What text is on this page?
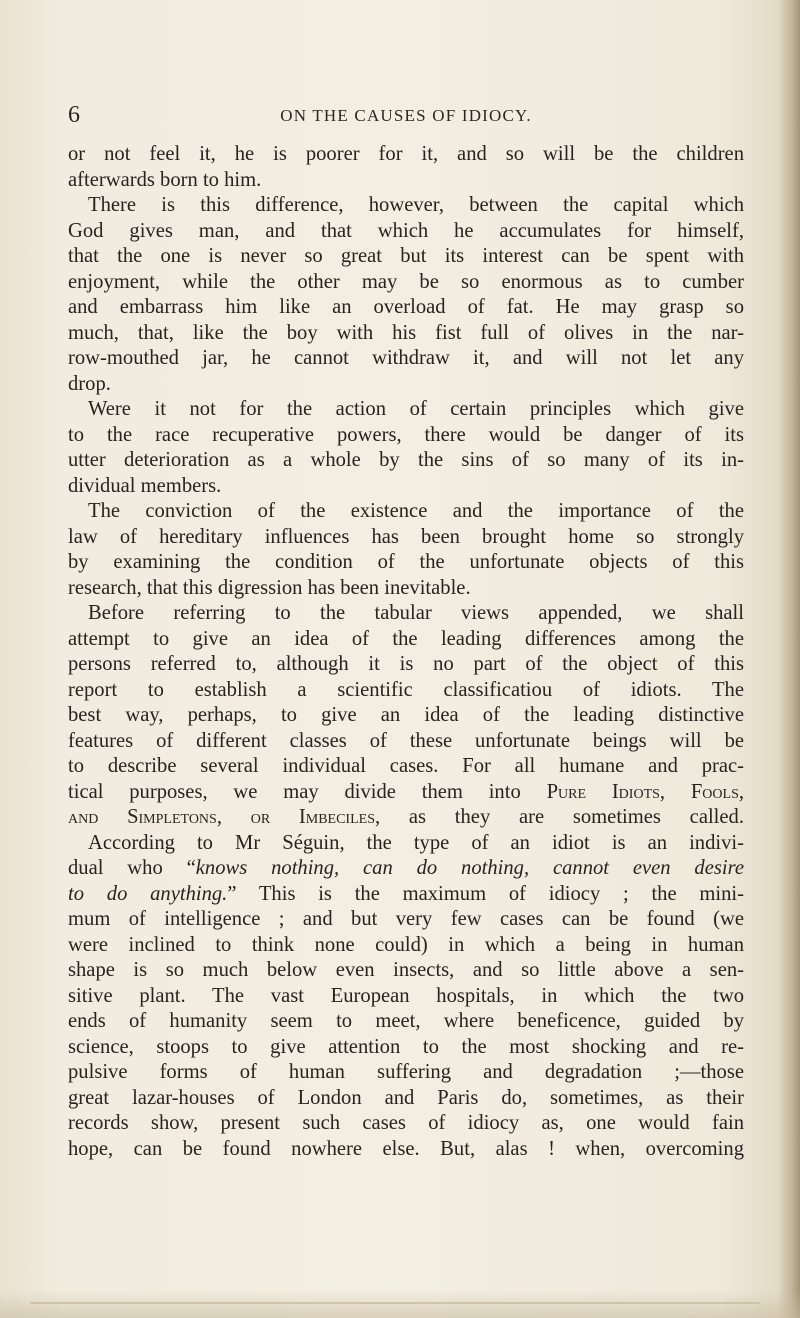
6	ON THE CAUSES OF IDIOCY.
or not feel it, he is poorer for it, and so will be the children
afterwards born to him.
There is this difference, however, between the capital which
God gives man, and that which he accumulates for himself,
that the one is never so great but its interest can be spent with
enjoyment, while the other may be so enormous as to cumber
and embarrass him like an overload of fat. He may grasp so
much, that, like the boy with his fist full of olives in the nar-
row-mouthed jar, he cannot withdraw it, and will not let any
drop.
Were it not for the action of certain principles which give
to the race recuperative powers, there would be danger of its
utter deterioration as a whole by the sins of so many of its in-
dividual members.
The conviction of the existence and the importance of the
law of hereditary influences has been brought home so strongly
by examining the condition of the unfortunate objects of this
research, that this digression has been inevitable.
Before referring to the tabular views appended, we shall
attempt to give an idea of the leading differences among the
persons referred to, although it is no part of the object of this
report to establish a scientific classificatiou of idiots. The
best way, perhaps, to give an idea of the leading distinctive
features of different classes of these unfortunate beings will be
to describe several individual cases. For all humane and prac-
tical purposes, we may divide them into Pure Idiots, Fools,
and Simpletons, or Imbeciles, as they are sometimes called.
According to Mr Séguin, the type of an idiot is an indivi-
dual who “knows nothing, can do nothing, cannot even desire
to do anything.” This is the maximum of idiocy ; the mini-
mum of intelligence ; and but very few cases can be found (we
were inclined to think none could) in which a being in human
shape is so much below even insects, and so little above a sen-
sitive plant. The vast European hospitals, in which the two
ends of humanity seem to meet, where beneficence, guided by
science, stoops to give attention to the most shocking and re-
pulsive forms of human suffering and degradation ;—those
great lazar-houses of London and Paris do, sometimes, as their
records show, present such cases of idiocy as, one would fain
hope, can be found nowhere else. But, alas ! when, overcoming
